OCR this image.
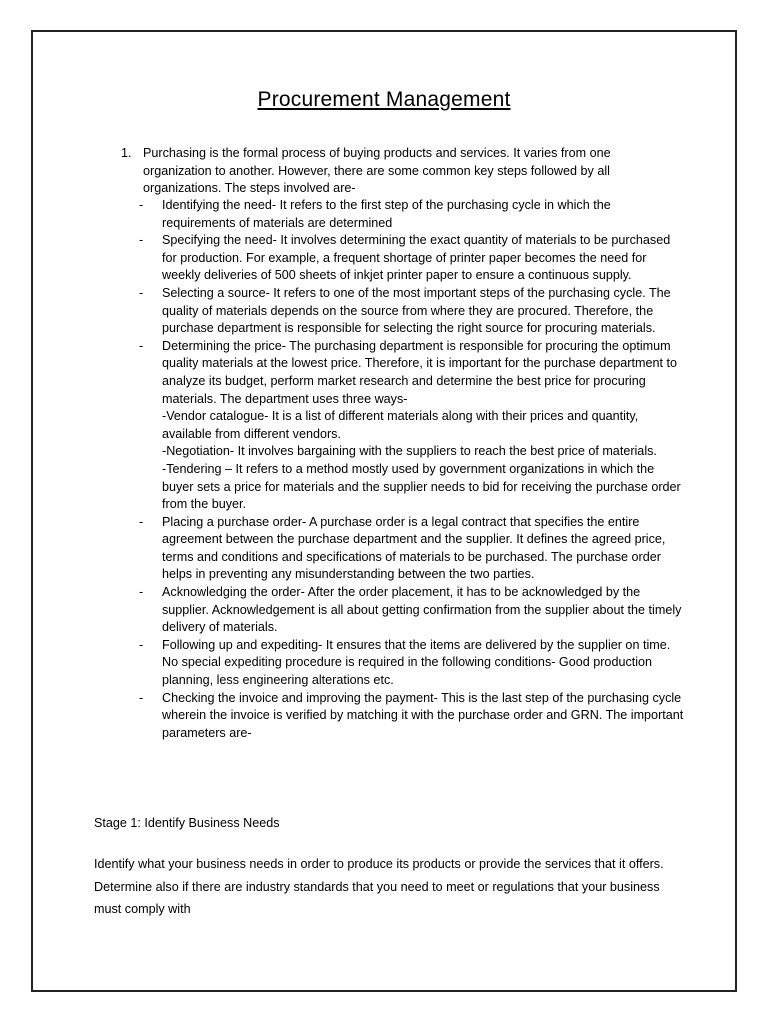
Procurement Management
1. Purchasing is the formal process of buying products and services. It varies from one organization to another. However, there are some common key steps followed by all organizations. The steps involved are-
- Identifying the need- It refers to the first step of the purchasing cycle in which the requirements of materials are determined
- Specifying the need- It involves determining the exact quantity of materials to be purchased for production. For example, a frequent shortage of printer paper becomes the need for weekly deliveries of 500 sheets of inkjet printer paper to ensure a continuous supply.
- Selecting a source- It refers to one of the most important steps of the purchasing cycle. The quality of materials depends on the source from where they are procured. Therefore, the purchase department is responsible for selecting the right source for procuring materials.
- Determining the price- The purchasing department is responsible for procuring the optimum quality materials at the lowest price. Therefore, it is important for the purchase department to analyze its budget, perform market research and determine the best price for procuring materials. The department uses three ways-
-Vendor catalogue- It is a list of different materials along with their prices and quantity, available from different vendors.
-Negotiation- It involves bargaining with the suppliers to reach the best price of materials.
-Tendering – It refers to a method mostly used by government organizations in which the buyer sets a price for materials and the supplier needs to bid for receiving the purchase order from the buyer.
- Placing a purchase order- A purchase order is a legal contract that specifies the entire agreement between the purchase department and the supplier. It defines the agreed price, terms and conditions and specifications of materials to be purchased. The purchase order helps in preventing any misunderstanding between the two parties.
- Acknowledging the order- After the order placement, it has to be acknowledged by the supplier. Acknowledgement is all about getting confirmation from the supplier about the timely delivery of materials.
- Following up and expediting- It ensures that the items are delivered by the supplier on time. No special expediting procedure is required in the following conditions- Good production planning, less engineering alterations etc.
- Checking the invoice and improving the payment- This is the last step of the purchasing cycle wherein the invoice is verified by matching it with the purchase order and GRN. The important parameters are-
Stage 1: Identify Business Needs
Identify what your business needs in order to produce its products or provide the services that it offers. Determine also if there are industry standards that you need to meet or regulations that your business must comply with
